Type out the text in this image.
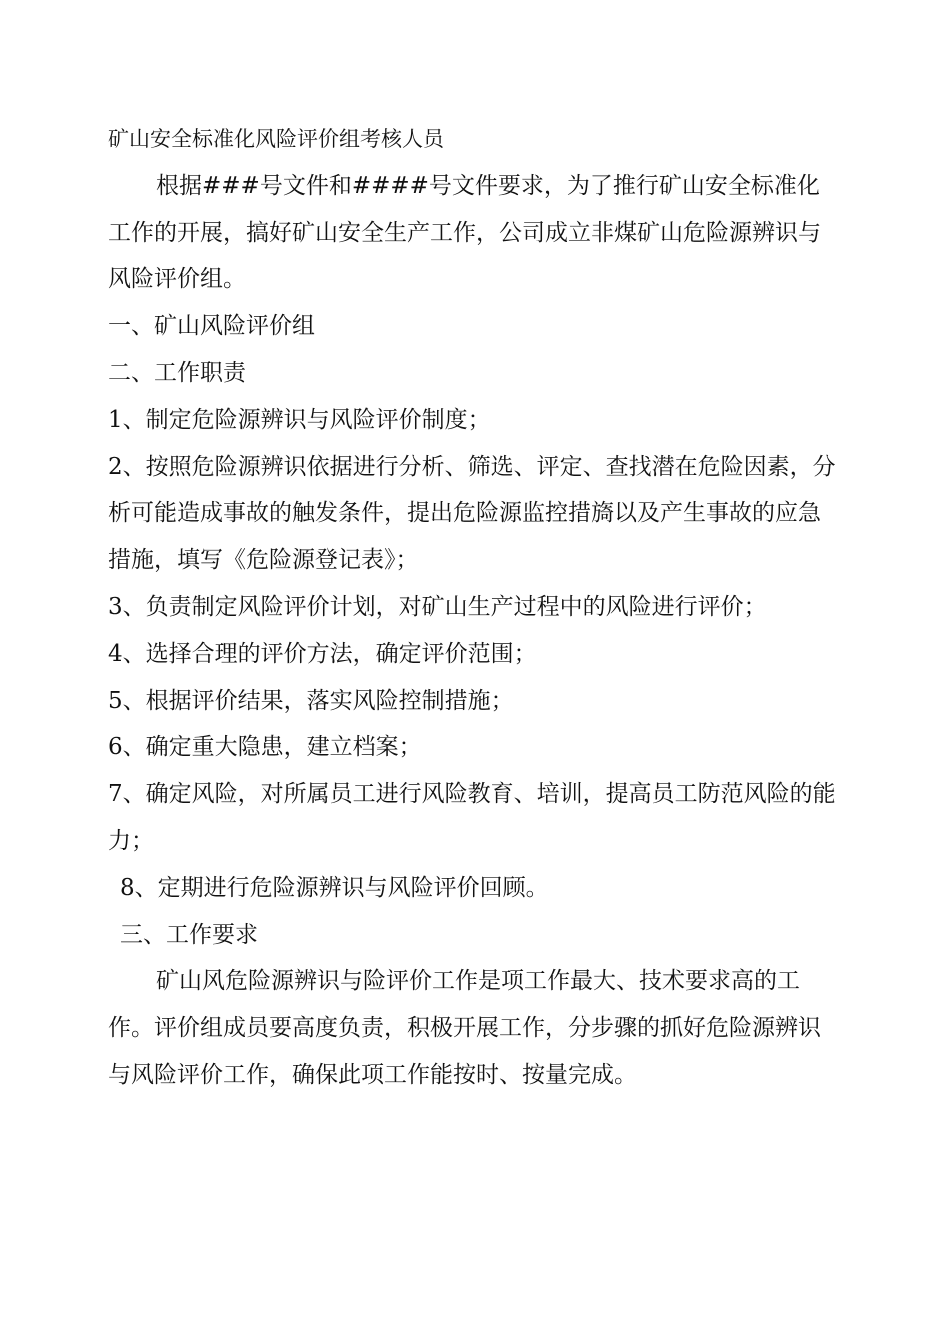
矿山安全标准化风险评价组考核人员

根据###号文件和####号文件要求，为了推行矿山安全标准化工作的开展，搞好矿山安全生产工作，公司成立非煤矿山危险源辨识与风险评价组。

一、矿山风险评价组

二、工作职责

1、制定危险源辨识与风险评价制度；

2、按照危险源辨识依据进行分析、筛选、评定、查找潜在危险因素，分析可能造成事故的触发条件，提出危险源监控措旖以及产生事故的应急措施，填写《危险源登记表》；

3、负责制定风险评价计划，对矿山生产过程中的风险进行评价；

4、选择合理的评价方法，确定评价范围；

5、根据评价结果，落实风险控制措施；

6、确定重大隐患，建立档案；

7、确定风险，对所属员工进行风险教育、培训，提高员工防范风险的能力；

8、定期进行危险源辨识与风险评价回顾。

三、工作要求

矿山风危险源辨识与险评价工作是项工作最大、技术要求高的工作。评价组成员要高度负责，积极开展工作，分步骤的抓好危险源辨识与风险评价工作，确保此项工作能按时、按量完成。
